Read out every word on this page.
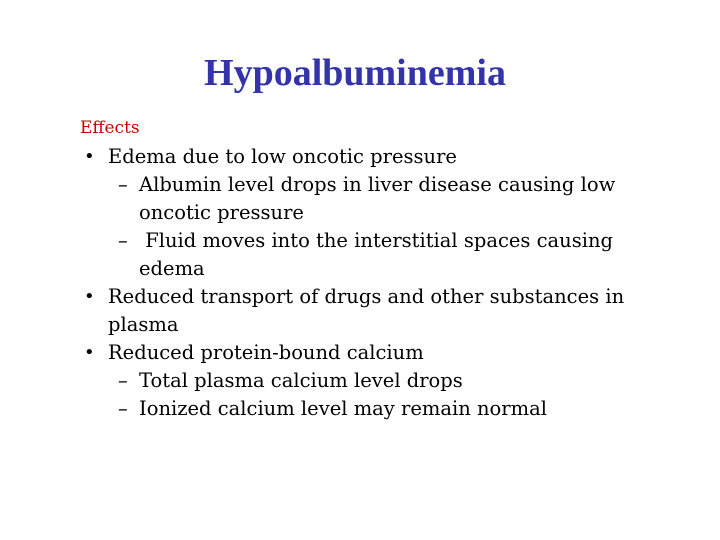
Hypoalbuminemia
Effects
• Edema due to low oncotic pressure
– Albumin level drops in liver disease causing low oncotic pressure
– Fluid moves into the interstitial spaces causing edema
• Reduced transport of drugs and other substances in plasma
• Reduced protein-bound calcium
– Total plasma calcium level drops
– Ionized calcium level may remain normal
